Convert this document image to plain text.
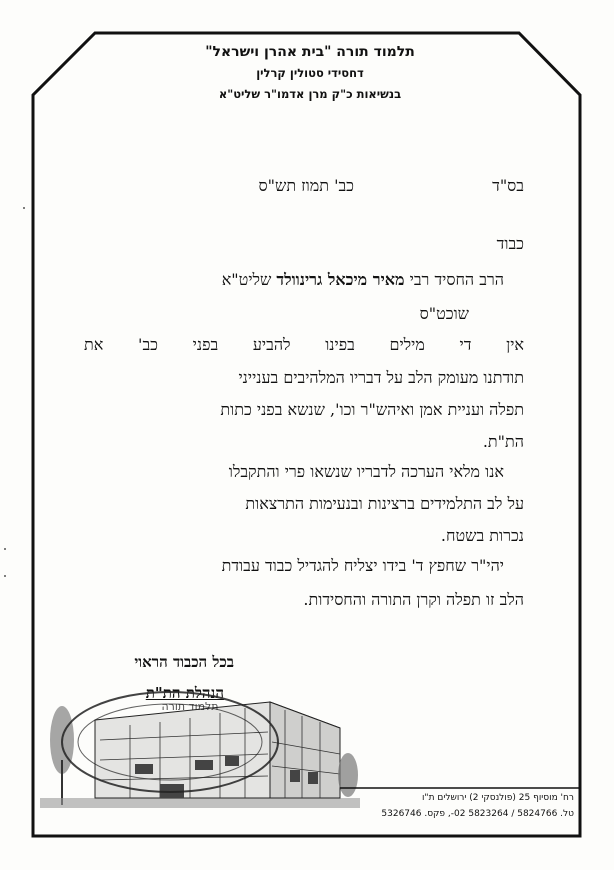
תלמוד תורה "בית אהרן וישראל"
דחסידי סטולין קרלין
בנשיאות כ"ק מרן אדמו"ר שליט"א
בס"ד
כב' תמוז תש"ס
כבוד
הרב החסיד רבי מאיר מיכאל גרינוולד שליט"א
שוכט"ס
אין די מילים בפינו להביע בפני כב' את
תודתנו מעומק הלב על דבריו המלהיבים בענייני
תפלה ועניית אמן ואיהש"ר וכו', שנשא בפני כתות
הת"ת.
אנו מלאי הערכה לדבריו שנשאו פרי והתקבלו
על לב התלמידים ברצינות ובנעימות התרצאות
נכרות בשטח.
יהי"ר שחפץ ד' בידו יצליח להגדיל כבוד עבודת
הלב זו תפלה וקרן התורה והחסידות.
בכל הכבוד הראוי
הנהלת הת"ת
תלמוד תורה
רח' מוסיוף 25 (פולנסקי 2) ירושלים ת"ו
טל. 5824766 / 5823264 02-, פקס. 5326746
